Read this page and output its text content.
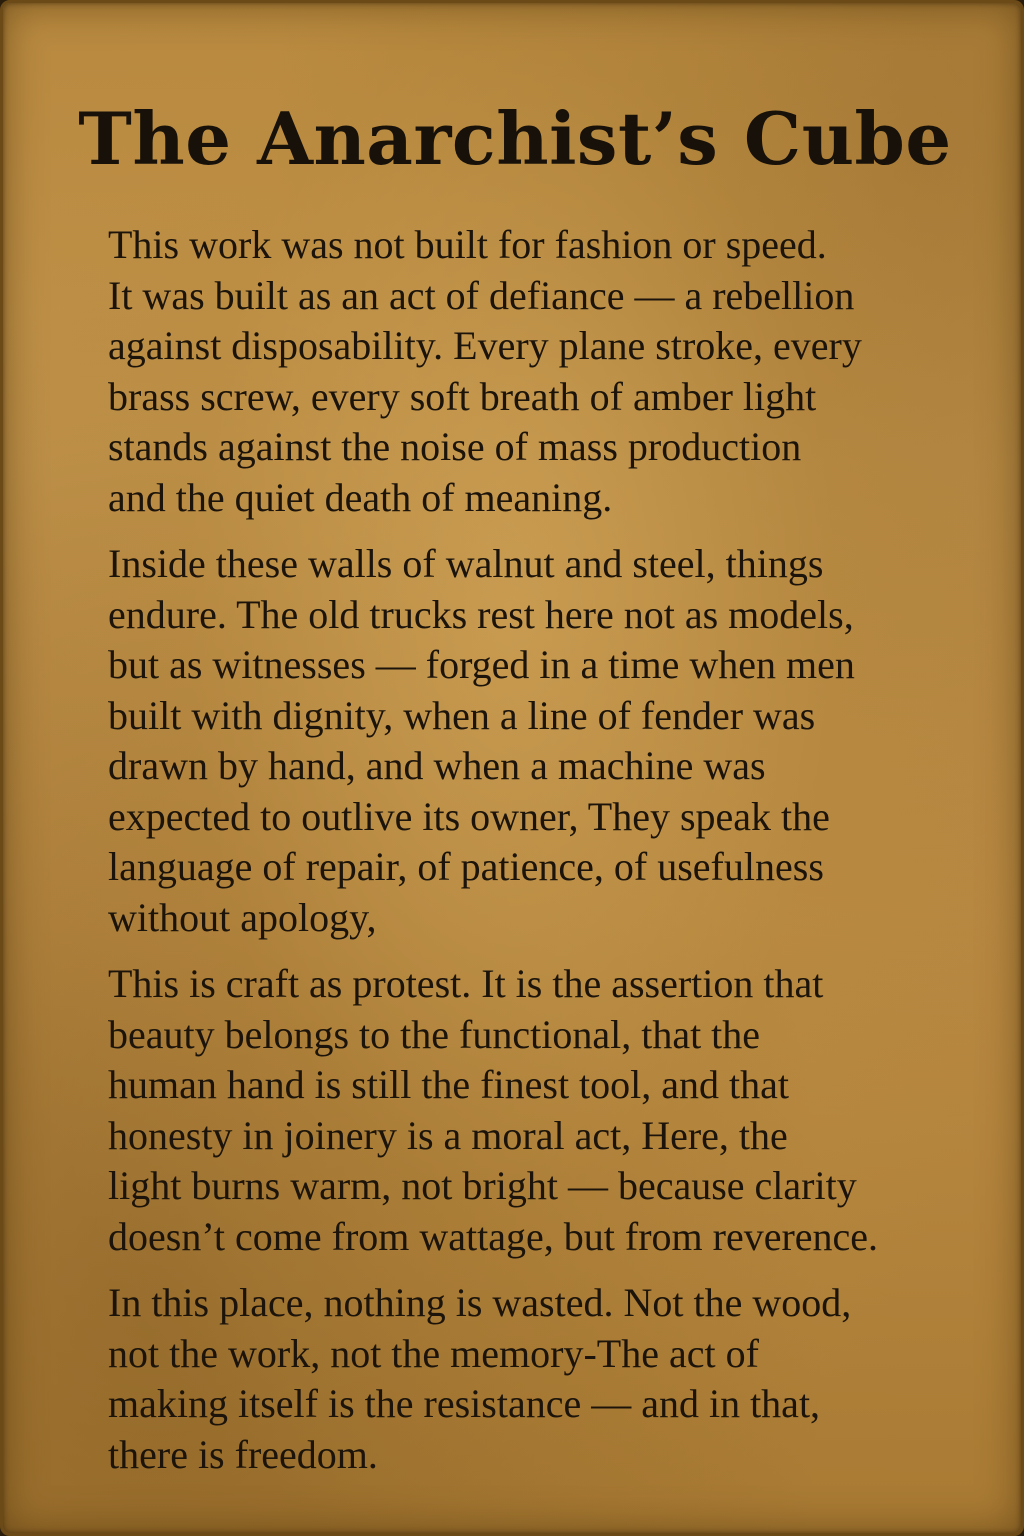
The Anarchist’s Cube

This work was not built for fashion or speed.
It was built as an act of defiance — a rebellion
against disposability. Every plane stroke, every
brass screw, every soft breath of amber light
stands against the noise of mass production
and the quiet death of meaning.

Inside these walls of walnut and steel, things
endure. The old trucks rest here not as models,
but as witnesses — forged in a time when men
built with dignity, when a line of fender was
drawn by hand, and when a machine was
expected to outlive its owner, They speak the
language of repair, of patience, of usefulness
without apology,

This is craft as protest. It is the assertion that
beauty belongs to the functional, that the
human hand is still the finest tool, and that
honesty in joinery is a moral act, Here, the
light burns warm, not bright — because clarity
doesn’t come from wattage, but from reverence.

In this place, nothing is wasted. Not the wood,
not the work, not the memory-The act of
making itself is the resistance — and in that,
there is freedom.
